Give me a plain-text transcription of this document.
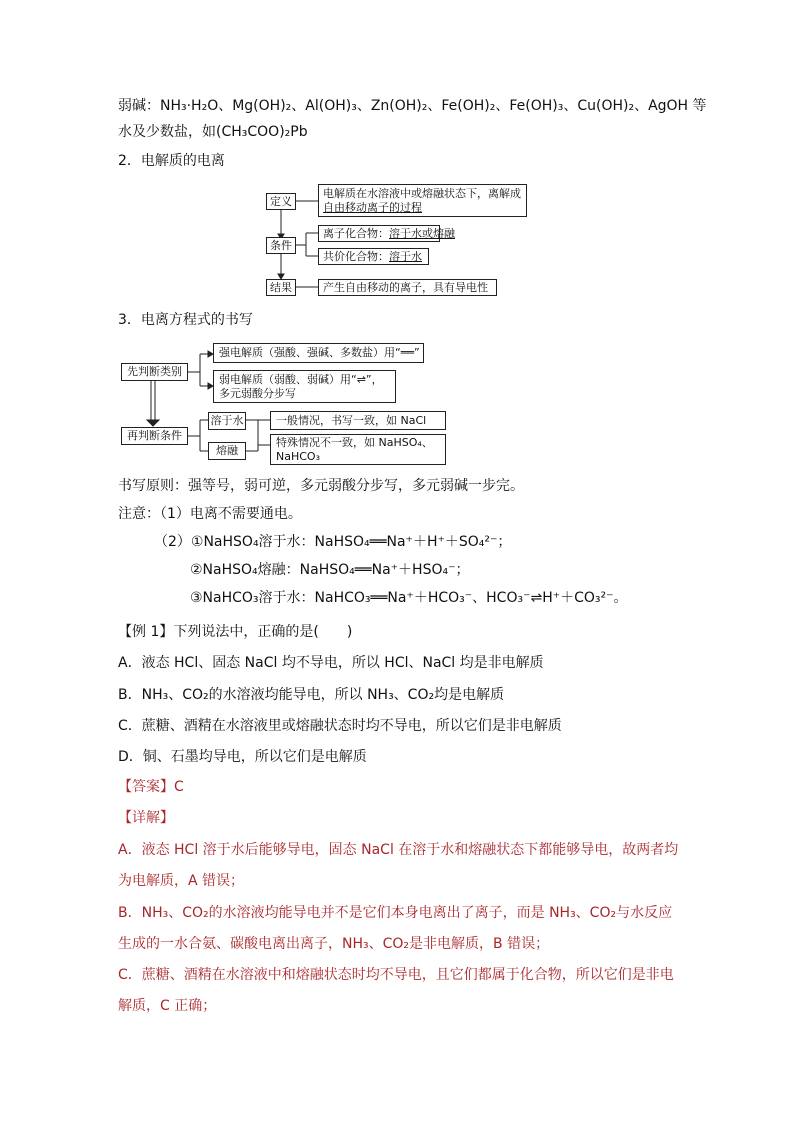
弱碱：NH₃·H₂O、Mg(OH)₂、Al(OH)₃、Zn(OH)₂、Fe(OH)₂、Fe(OH)₃、Cu(OH)₂、AgOH 等
水及少数盐，如(CH₃COO)₂Pb
2．电解质的电离
定义
电解质在水溶液中或熔融状态下，离解成
自由移动离子的过程
条件
离子化合物：溶于水或熔融
共价化合物：溶于水
结果	产生自由移动的离子，具有导电性
3．电离方程式的书写
先判断类别
强电解质（强酸、强碱、多数盐）用“══”
弱电解质（弱酸、弱碱）用“⇌”，
多元弱酸分步写
再判断条件
溶于水
熔融
一般情况，书写一致，如 NaCl
特殊情况不一致，如 NaHSO₄、
NaHCO₃
书写原则：强等号，弱可逆，多元弱酸分步写，多元弱碱一步完。
注意：（1）电离不需要通电。
（2）①NaHSO₄溶于水：NaHSO₄══Na⁺＋H⁺＋SO₄²⁻；
②NaHSO₄熔融：NaHSO₄══Na⁺＋HSO₄⁻；
③NaHCO₃溶于水：NaHCO₃══Na⁺＋HCO₃⁻、HCO₃⁻⇌H⁺＋CO₃²⁻。
【例 1】下列说法中，正确的是(　　)
A．液态 HCl、固态 NaCl 均不导电，所以 HCl、NaCl 均是非电解质
B．NH₃、CO₂的水溶液均能导电，所以 NH₃、CO₂均是电解质
C．蔗糖、酒精在水溶液里或熔融状态时均不导电，所以它们是非电解质
D．铜、石墨均导电，所以它们是电解质
【答案】C
【详解】
A．液态 HCl 溶于水后能够导电，固态 NaCl 在溶于水和熔融状态下都能够导电，故两者均
为电解质，A 错误；
B．NH₃、CO₂的水溶液均能导电并不是它们本身电离出了离子，而是 NH₃、CO₂与水反应
生成的一水合氨、碳酸电离出离子，NH₃、CO₂是非电解质，B 错误；
C．蔗糖、酒精在水溶液中和熔融状态时均不导电，且它们都属于化合物，所以它们是非电
解质，C 正确；
